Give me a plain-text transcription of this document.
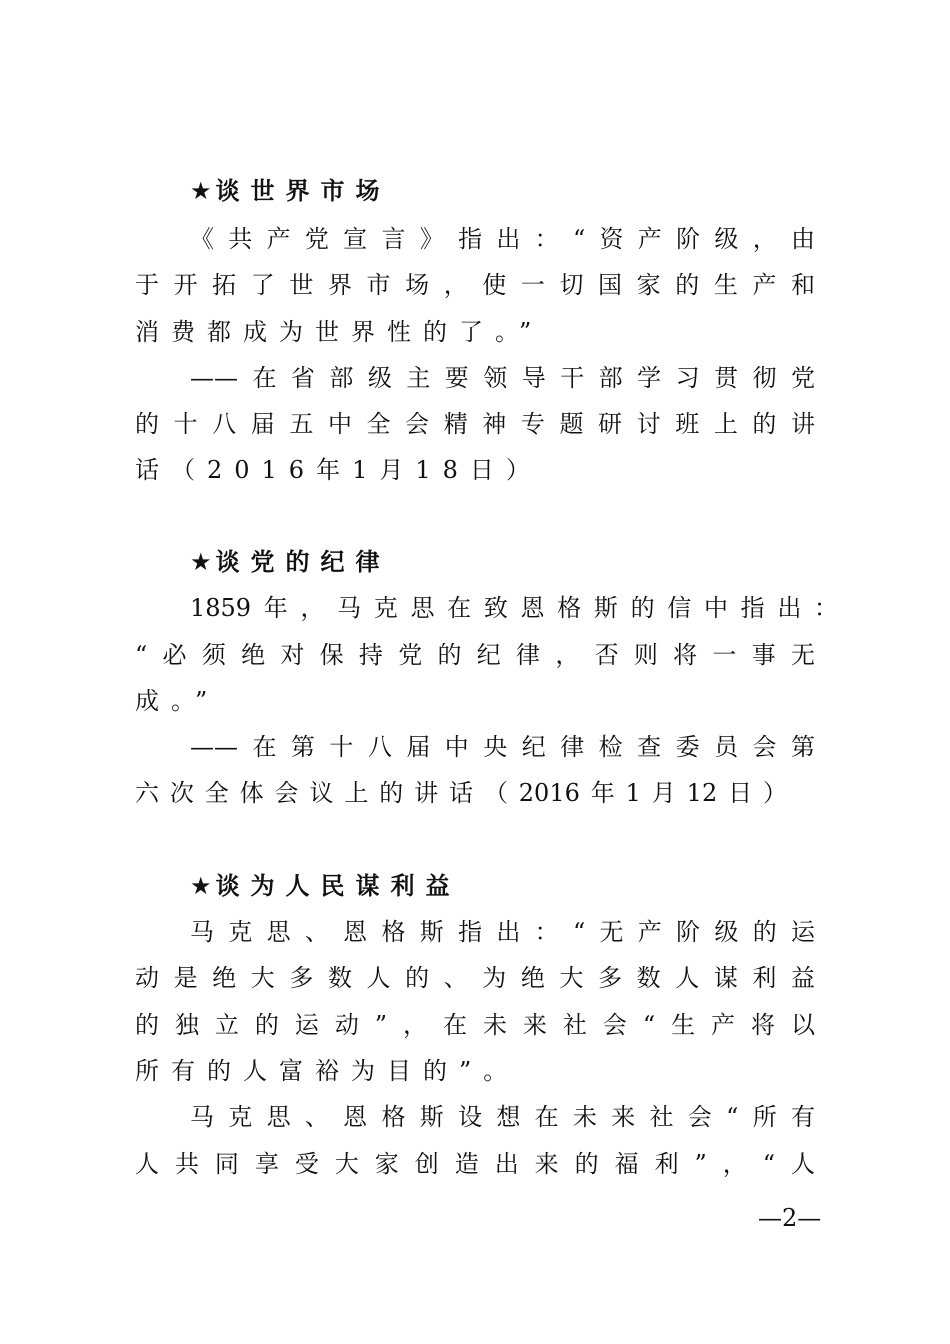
★ 谈世界市场
《共产党宣言》指出：“资产阶级，由
于开拓了世界市场，使一切国家的生产和
消费都成为世界性的了。”
——在省部级主要领导干部学习贯彻党
的十八届五中全会精神专题研讨班上的讲
话（2016年1月18日）
★ 谈党的纪律
1859年，马克思在致恩格斯的信中指出：
“必须绝对保持党的纪律，否则将一事无
成。”
——在第十八届中央纪律检查委员会第
六次全体会议上的讲话（2016年1月12日）
★ 谈为人民谋利益
马克思、恩格斯指出：“无产阶级的运
动是绝大多数人的、为绝大多数人谋利益
的独立的运动”，在未来社会“生产将以
所有的人富裕为目的”。
马克思、恩格斯设想在未来社会“所有
人共同享受大家创造出来的福利”，“人
—2—
